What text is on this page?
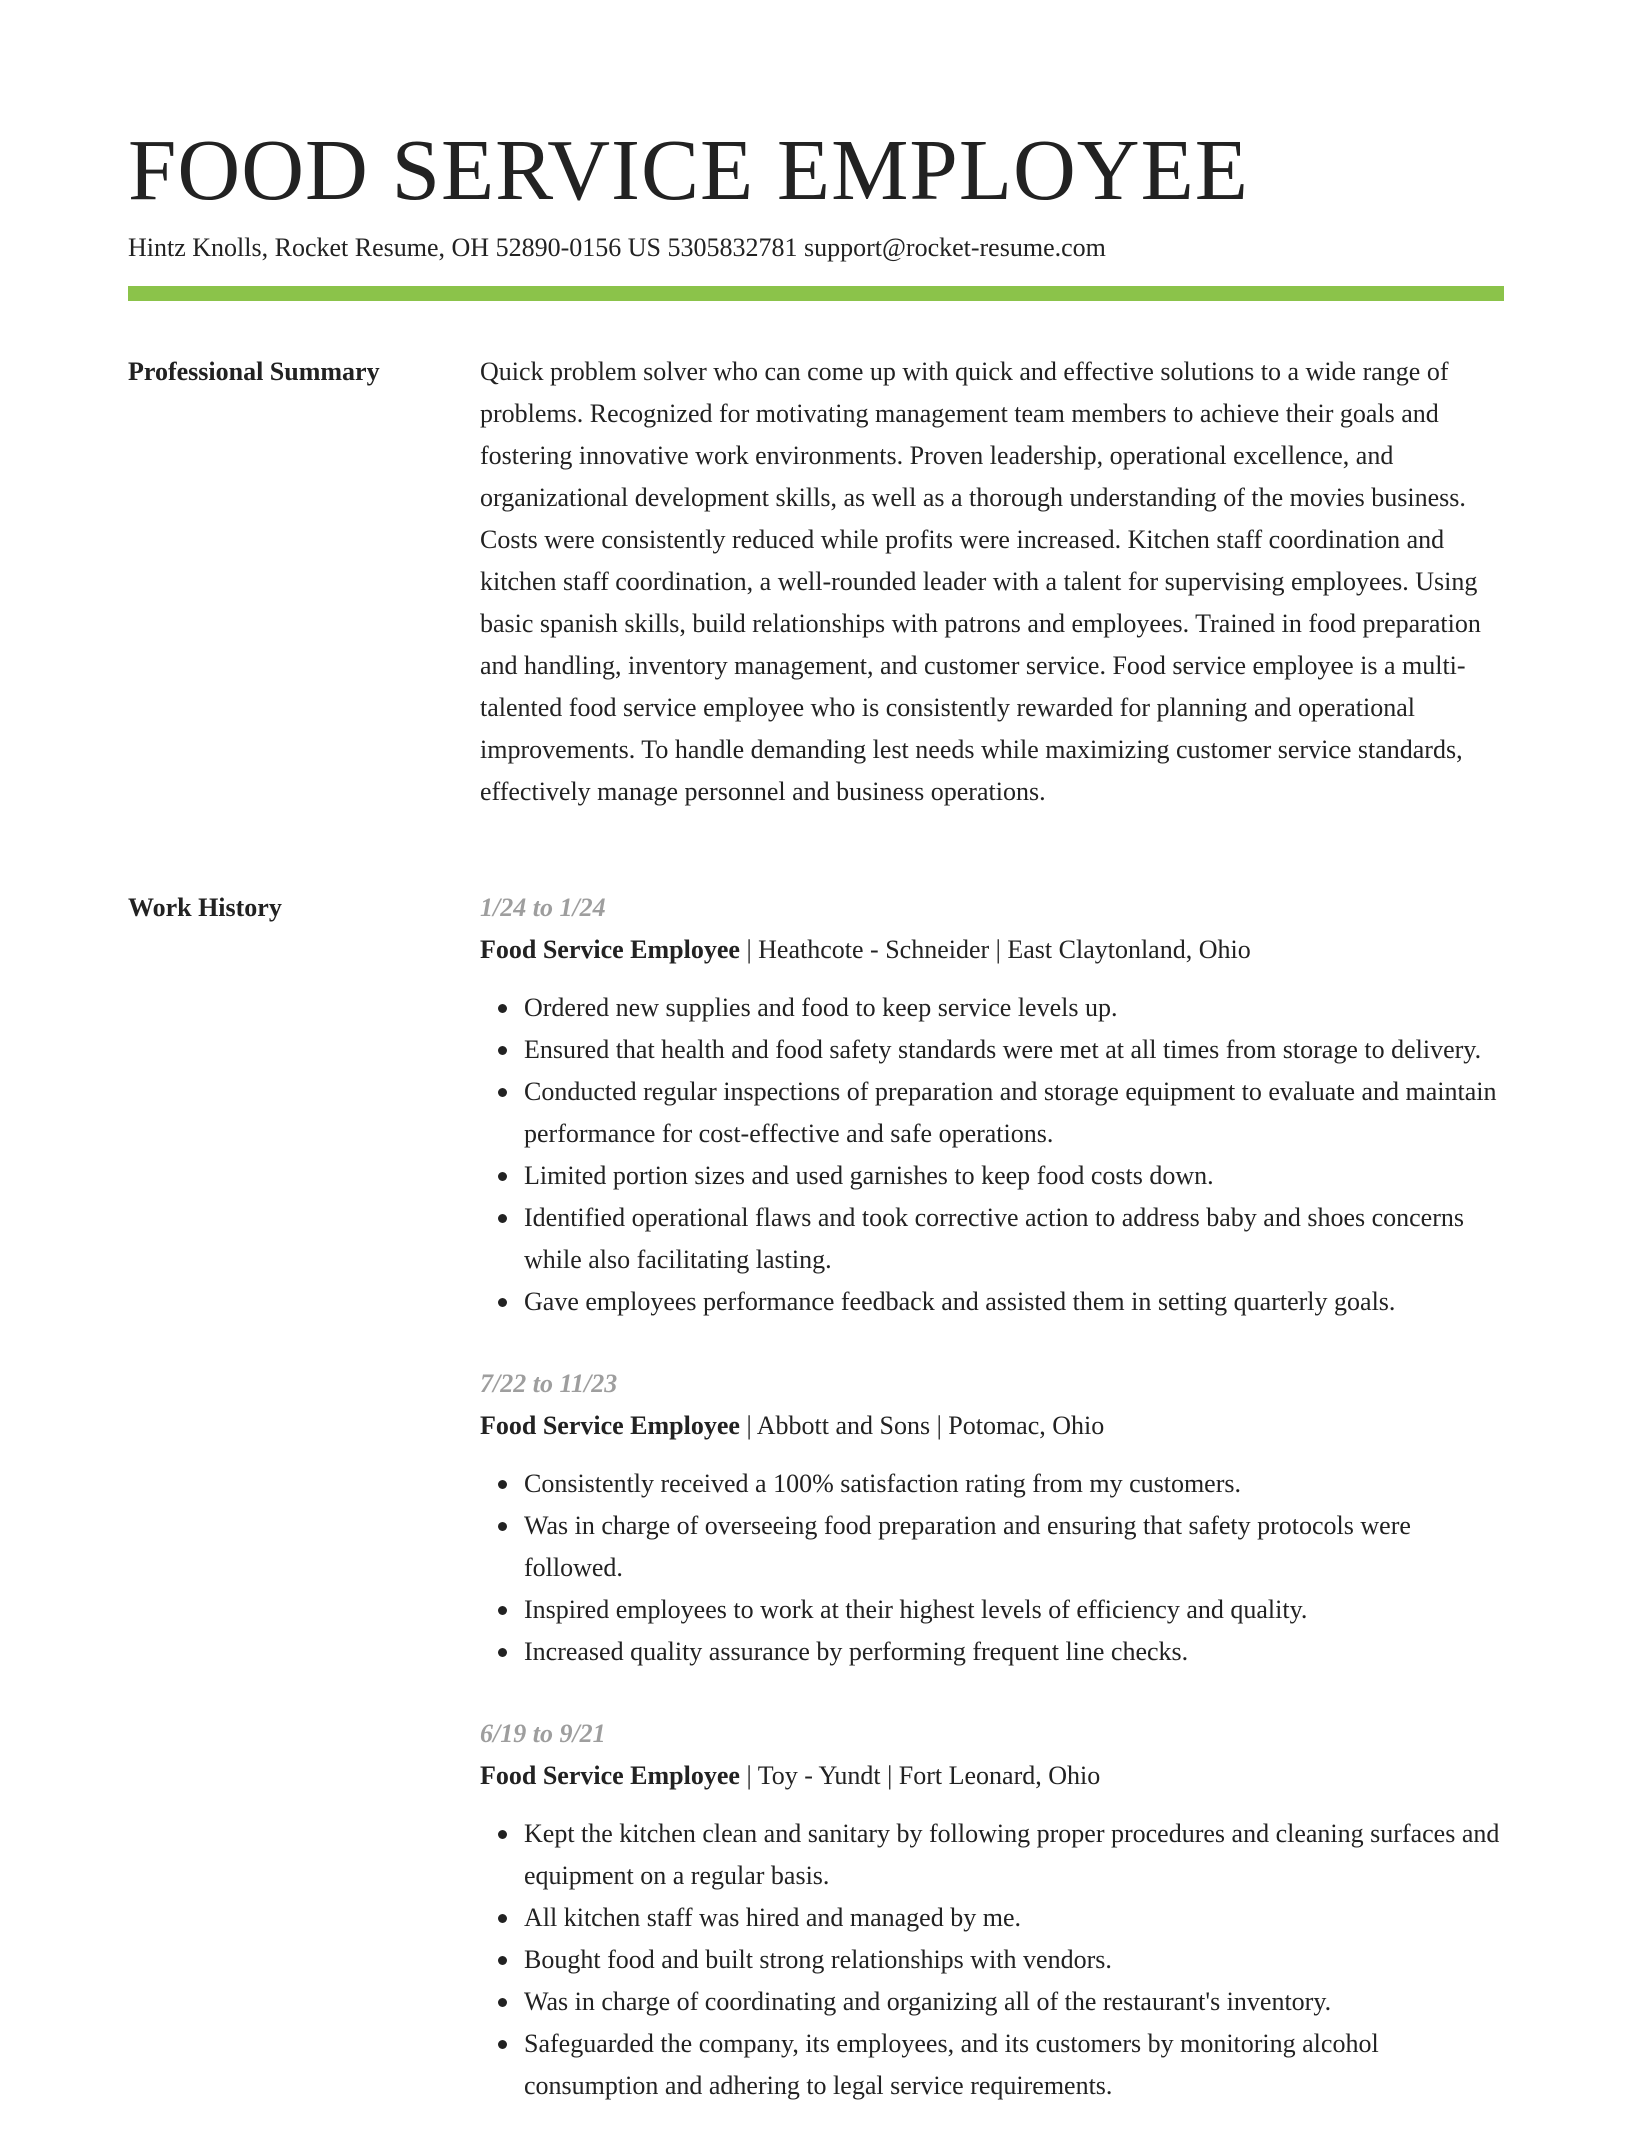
FOOD SERVICE EMPLOYEE
Hintz Knolls, Rocket Resume, OH 52890-0156 US 5305832781 support@rocket-resume.com
Professional Summary	Quick problem solver who can come up with quick and effective solutions to a wide range of problems. Recognized for motivating management team members to achieve their goals and fostering innovative work environments. Proven leadership, operational excellence, and organizational development skills, as well as a thorough understanding of the movies business. Costs were consistently reduced while profits were increased. Kitchen staff coordination and kitchen staff coordination, a well-rounded leader with a talent for supervising employees. Using basic spanish skills, build relationships with patrons and employees. Trained in food preparation and handling, inventory management, and customer service. Food service employee is a multi-talented food service employee who is consistently rewarded for planning and operational improvements. To handle demanding lest needs while maximizing customer service standards, effectively manage personnel and business operations.

Work History	1/24 to 1/24
Food Service Employee | Heathcote - Schneider | East Claytonland, Ohio
Ordered new supplies and food to keep service levels up.
Ensured that health and food safety standards were met at all times from storage to delivery.
Conducted regular inspections of preparation and storage equipment to evaluate and maintain performance for cost-effective and safe operations.
Limited portion sizes and used garnishes to keep food costs down.
Identified operational flaws and took corrective action to address baby and shoes concerns while also facilitating lasting.
Gave employees performance feedback and assisted them in setting quarterly goals.
7/22 to 11/23
Food Service Employee | Abbott and Sons | Potomac, Ohio
Consistently received a 100% satisfaction rating from my customers.
Was in charge of overseeing food preparation and ensuring that safety protocols were followed.
Inspired employees to work at their highest levels of efficiency and quality.
Increased quality assurance by performing frequent line checks.
6/19 to 9/21
Food Service Employee | Toy - Yundt | Fort Leonard, Ohio
Kept the kitchen clean and sanitary by following proper procedures and cleaning surfaces and equipment on a regular basis.
All kitchen staff was hired and managed by me.
Bought food and built strong relationships with vendors.
Was in charge of coordinating and organizing all of the restaurant's inventory.
Safeguarded the company, its employees, and its customers by monitoring alcohol consumption and adhering to legal service requirements.
